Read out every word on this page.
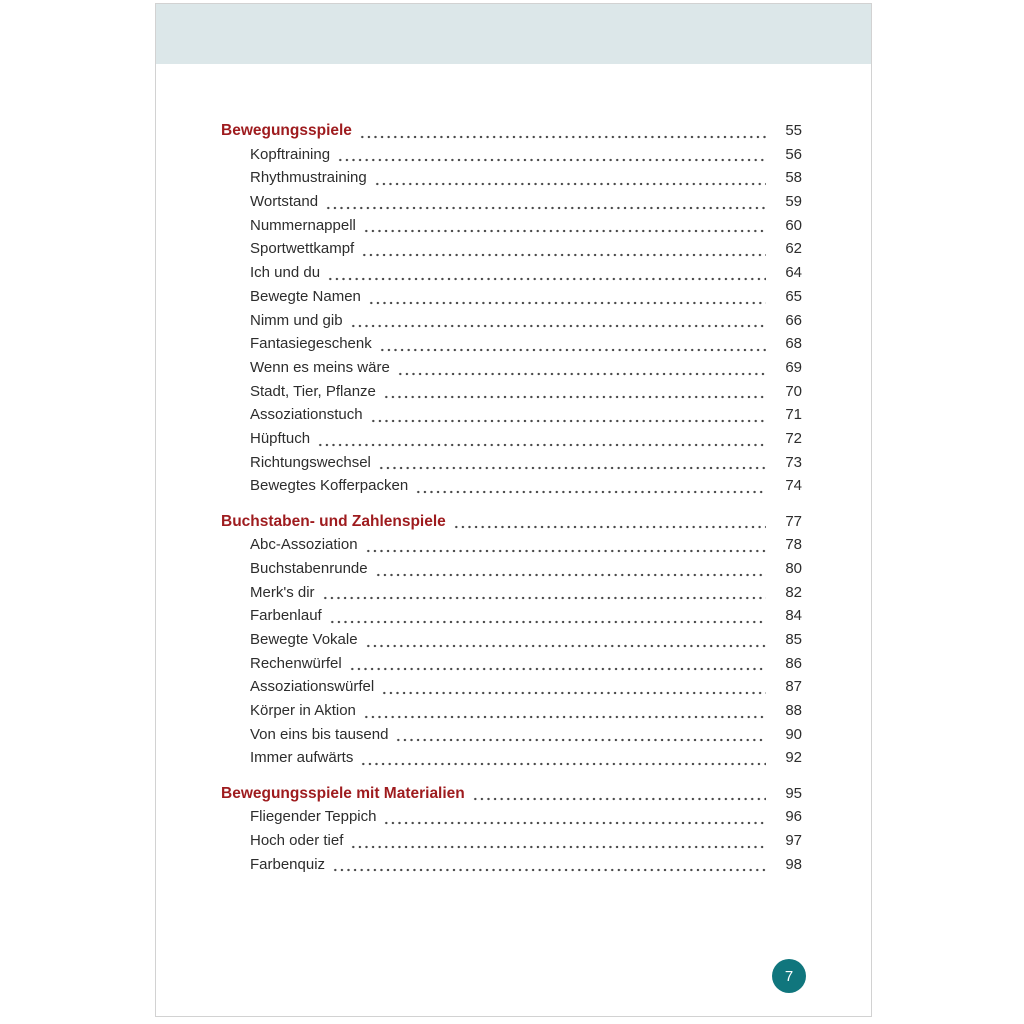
Bewegungsspiele	55
Kopftraining	56
Rhythmustraining	58
Wortstand	59
Nummernappell	60
Sportwettkampf	62
Ich und du	64
Bewegte Namen	65
Nimm und gib	66
Fantasiegeschenk	68
Wenn es meins wäre	69
Stadt, Tier, Pflanze	70
Assoziationstuch	71
Hüpftuch	72
Richtungswechsel	73
Bewegtes Kofferpacken	74
Buchstaben- und Zahlenspiele	77
Abc-Assoziation	78
Buchstabenrunde	80
Merk's dir	82
Farbenlauf	84
Bewegte Vokale	85
Rechenwürfel	86
Assoziationswürfel	87
Körper in Aktion	88
Von eins bis tausend	90
Immer aufwärts	92
Bewegungsspiele mit Materialien	95
Fliegender Teppich	96
Hoch oder tief	97
Farbenquiz	98
7
